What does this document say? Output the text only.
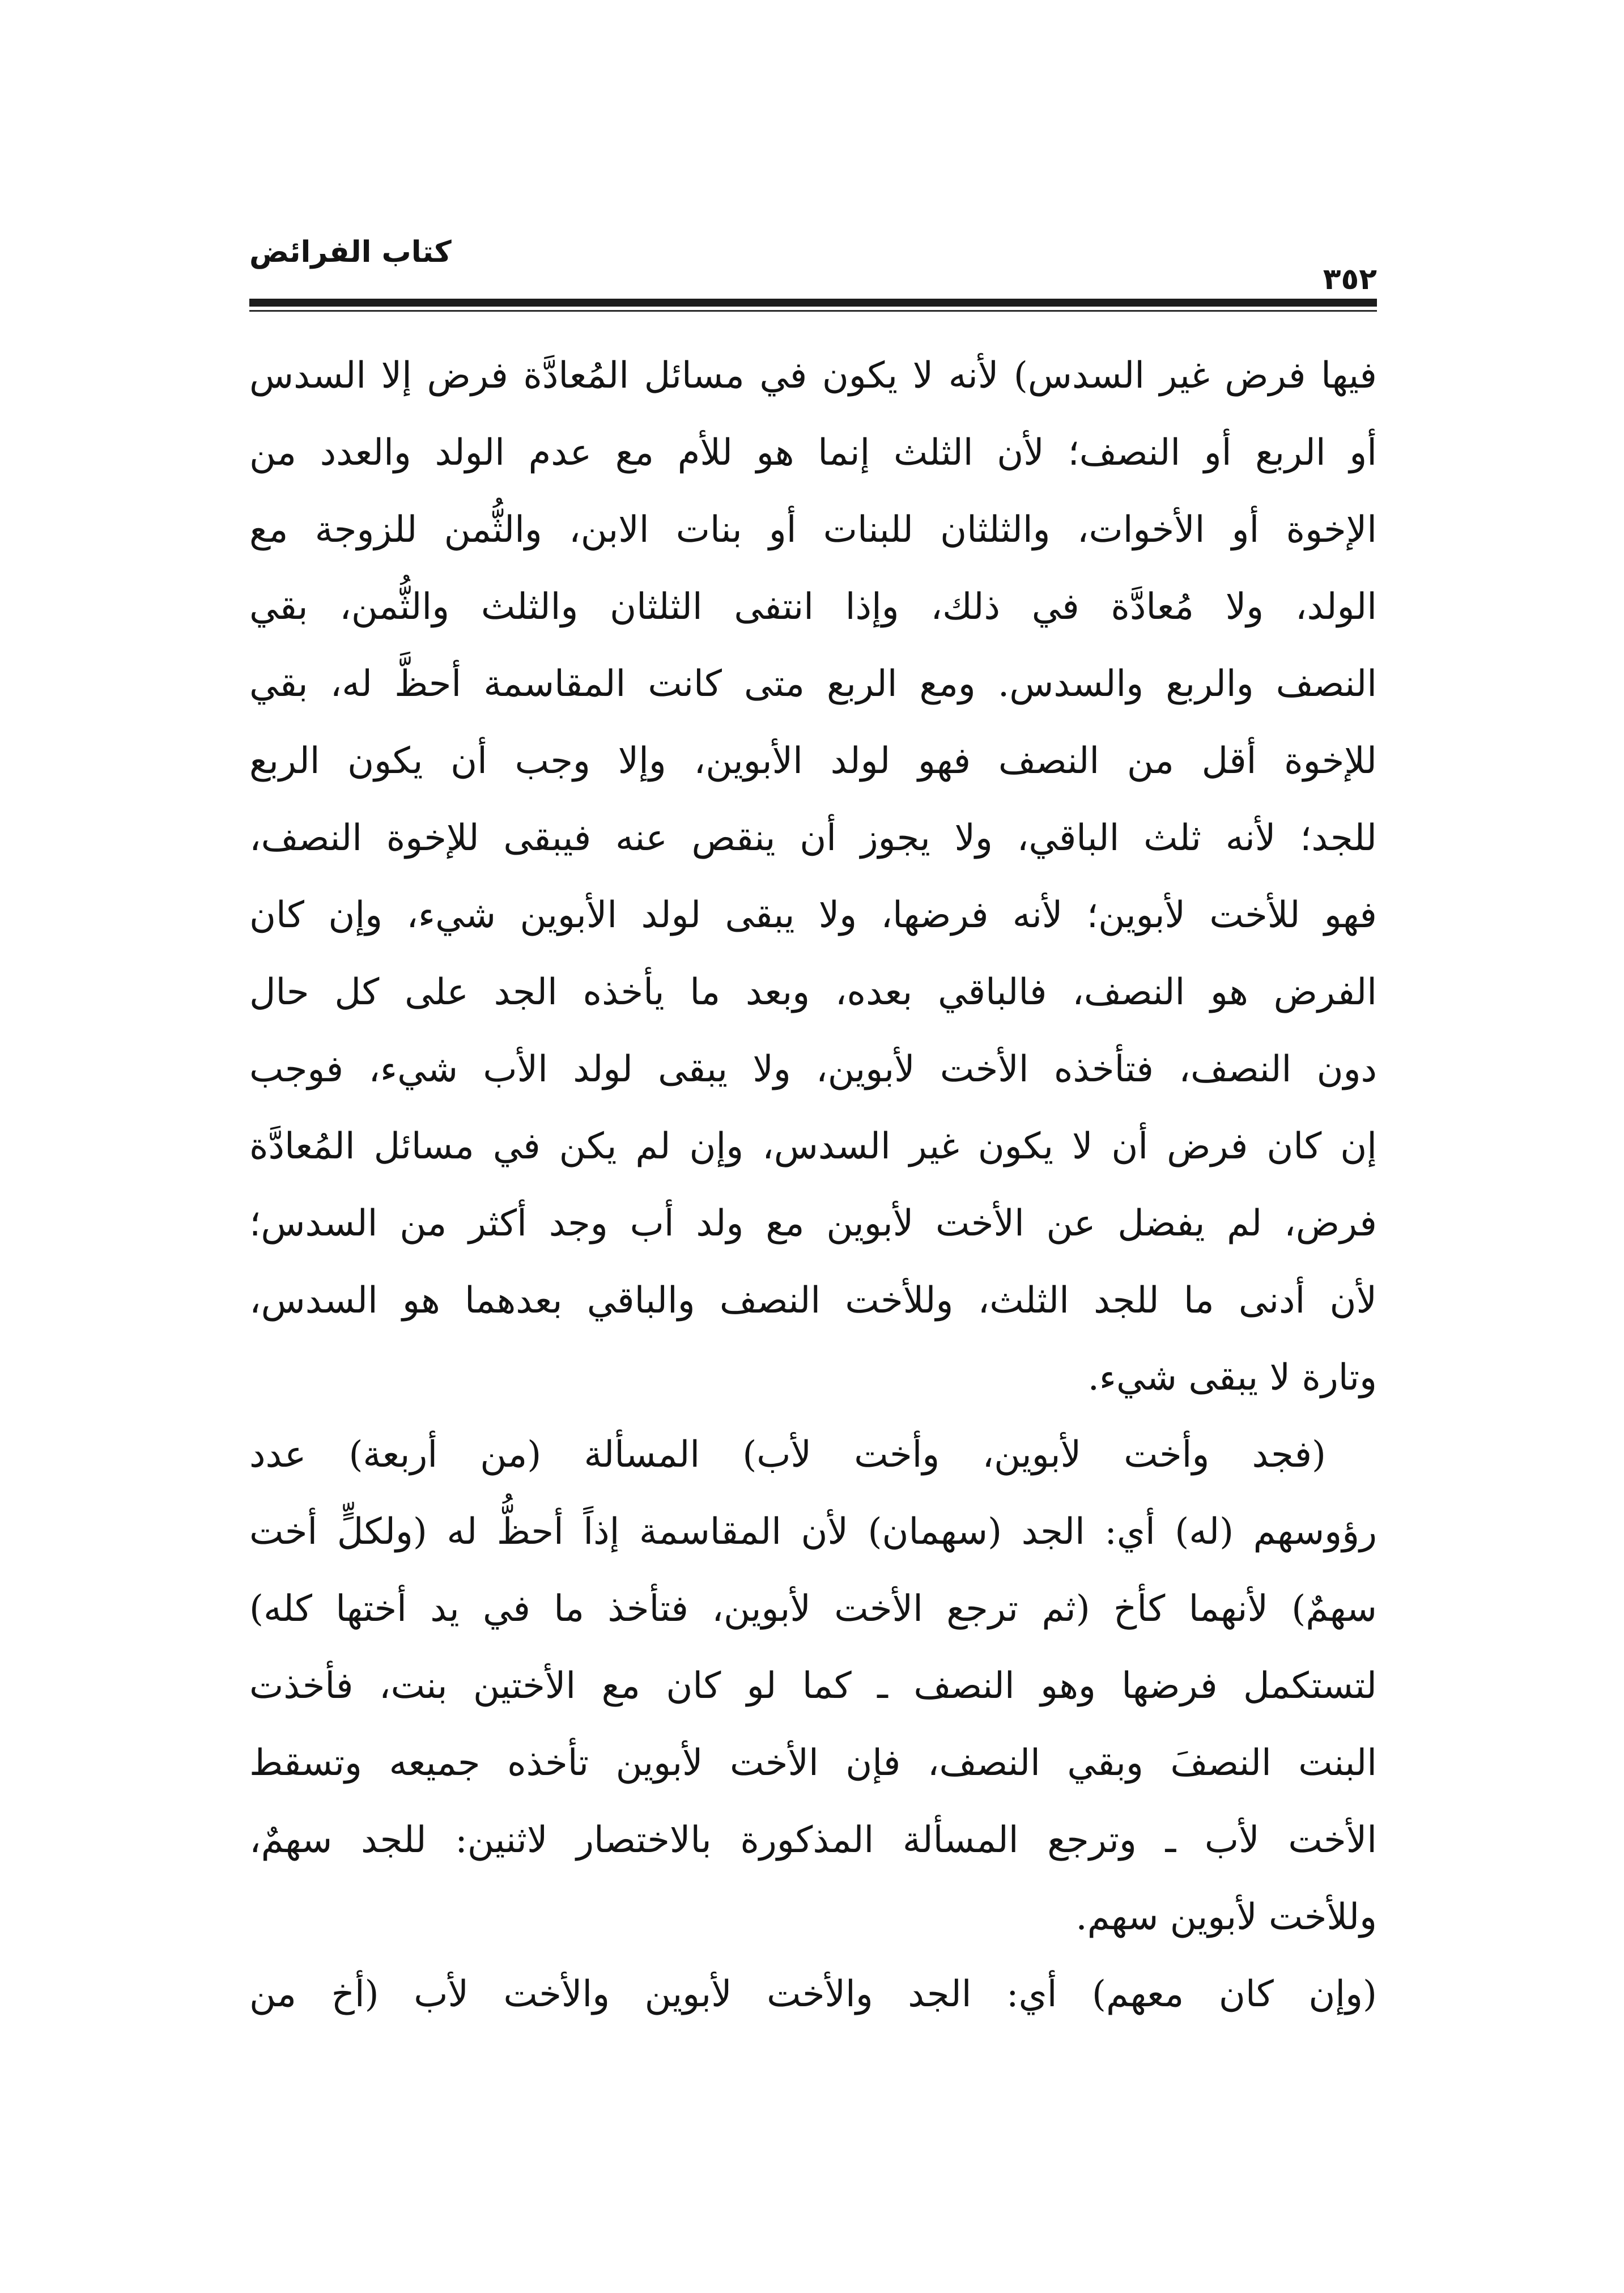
كتاب الفرائض
٣٥٢
فيها فرض غير السدس) لأنه لا يكون في مسائل المُعادَّة فرض إلا السدس
أو الربع أو النصف؛ لأن الثلث إنما هو للأم مع عدم الولد والعدد من
الإخوة أو الأخوات، والثلثان للبنات أو بنات الابن، والثُّمن للزوجة مع
الولد، ولا مُعادَّة في ذلك، وإذا انتفى الثلثان والثلث والثُّمن، بقي
النصف والربع والسدس. ومع الربع متى كانت المقاسمة أحظَّ له، بقي
للإخوة أقل من النصف فهو لولد الأبوين، وإلا وجب أن يكون الربع
للجد؛ لأنه ثلث الباقي، ولا يجوز أن ينقص عنه فيبقى للإخوة النصف،
فهو للأخت لأبوين؛ لأنه فرضها، ولا يبقى لولد الأبوين شيء، وإن كان
الفرض هو النصف، فالباقي بعده، وبعد ما يأخذه الجد على كل حال
دون النصف، فتأخذه الأخت لأبوين، ولا يبقى لولد الأب شيء، فوجب
إن كان فرض أن لا يكون غير السدس، وإن لم يكن في مسائل المُعادَّة
فرض، لم يفضل عن الأخت لأبوين مع ولد أب وجد أكثر من السدس؛
لأن أدنى ما للجد الثلث، وللأخت النصف والباقي بعدهما هو السدس،
وتارة لا يبقى شيء.
(فجد وأخت لأبوين، وأخت لأب) المسألة (من أربعة) عدد
رؤوسهم (له) أي: الجد (سهمان) لأن المقاسمة إذاً أحظُّ له (ولكلٍّ أخت
سهمٌ) لأنهما كأخ (ثم ترجع الأخت لأبوين، فتأخذ ما في يد أختها كله)
لتستكمل فرضها وهو النصف ـ كما لو كان مع الأختين بنت، فأخذت
البنت النصفَ وبقي النصف، فإن الأخت لأبوين تأخذه جميعه وتسقط
الأخت لأب ـ وترجع المسألة المذكورة بالاختصار لاثنين: للجد سهمٌ،
وللأخت لأبوين سهم.
(وإن كان معهم) أي: الجد والأخت لأبوين والأخت لأب (أخ من
